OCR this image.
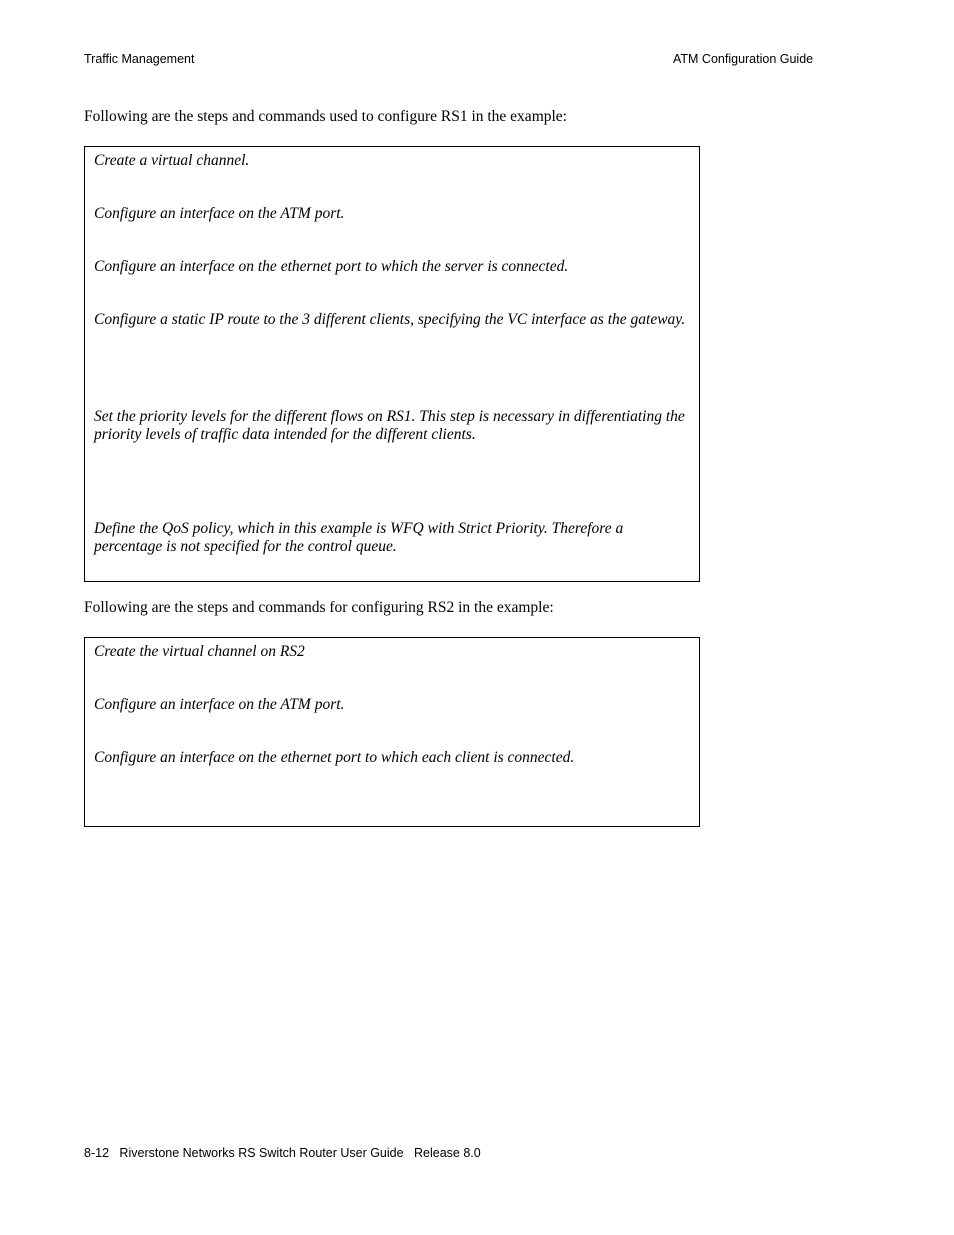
Traffic Management	ATM Configuration Guide
Following are the steps and commands used to configure RS1 in the example:
Create a virtual channel.
Configure an interface on the ATM port.
Configure an interface on the ethernet port to which the server is connected.
Configure a static IP route to the 3 different clients, specifying the VC interface as the gateway.
Set the priority levels for the different flows on RS1. This step is necessary in differentiating the priority levels of traffic data intended for the different clients.
Define the QoS policy, which in this example is WFQ with Strict Priority. Therefore a percentage is not specified for the control queue.
Following are the steps and commands for configuring RS2 in the example:
Create the virtual channel on RS2
Configure an interface on the ATM port.
Configure an interface on the ethernet port to which each client is connected.
8-12   Riverstone Networks RS Switch Router User Guide   Release 8.0
